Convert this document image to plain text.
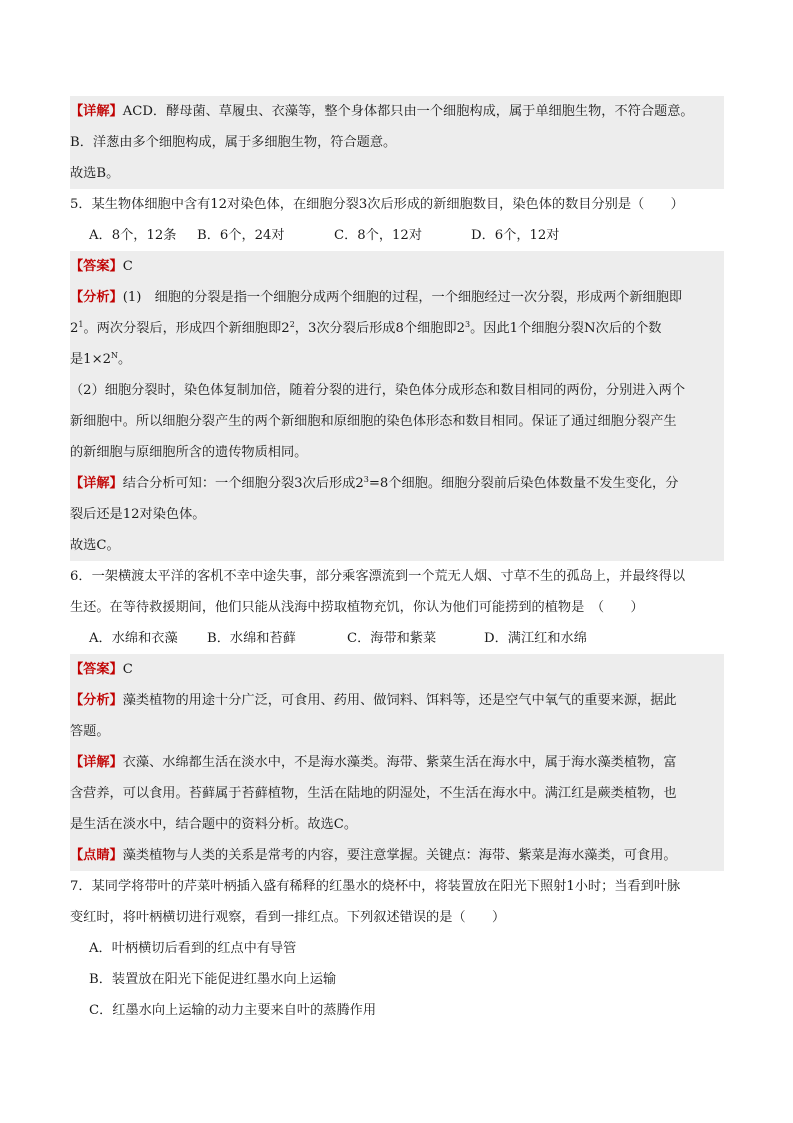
【详解】ACD．酵母菌、草履虫、衣藻等，整个身体都只由一个细胞构成，属于单细胞生物，不符合题意。
B．洋葱由多个细胞构成，属于多细胞生物，符合题意。
故选B。
5．某生物体细胞中含有12对染色体，在细胞分裂3次后形成的新细胞数目，染色体的数目分别是（　　）
A．8个，12条 B．6个，24对	C．8个，12对	D．6个，12对
【答案】C
【分析】(1)　细胞的分裂是指一个细胞分成两个细胞的过程，一个细胞经过一次分裂，形成两个新细胞即
$2^1$。两次分裂后，形成四个新细胞即$2^2$，3次分裂后形成8个细胞即$2^3$。因此1个细胞分裂N次后的个数
是$1\times 2^N$。
（2）细胞分裂时，染色体复制加倍，随着分裂的进行，染色体分成形态和数目相同的两份，分别进入两个
新细胞中。所以细胞分裂产生的两个新细胞和原细胞的染色体形态和数目相同。保证了通过细胞分裂产生
的新细胞与原细胞所含的遗传物质相同。
【详解】结合分析可知：一个细胞分裂3次后形成$2^3=8$个细胞。细胞分裂前后染色体数量不发生变化，分
裂后还是12对染色体。
故选C。
6．一架横渡太平洋的客机不幸中途失事，部分乘客漂流到一个荒无人烟、寸草不生的孤岛上，并最终得以
生还。在等待救援期间，他们只能从浅海中捞取植物充饥，你认为他们可能捞到的植物是　（　　）
A．水绵和衣藻 B．水绵和苔藓	C．海带和紫菜	D．满江红和水绵
【答案】C
【分析】藻类植物的用途十分广泛，可食用、药用、做饲料、饵料等，还是空气中氧气的重要来源，据此
答题。
【详解】衣藻、水绵都生活在淡水中，不是海水藻类。海带、紫菜生活在海水中，属于海水藻类植物，富
含营养，可以食用。苔藓属于苔藓植物，生活在陆地的阴湿处，不生活在海水中。满江红是蕨类植物，也
是生活在淡水中，结合题中的资料分析。故选C。
【点睛】藻类植物与人类的关系是常考的内容，要注意掌握。关键点：海带、紫菜是海水藻类，可食用。
7．某同学将带叶的芹菜叶柄插入盛有稀释的红墨水的烧杯中，将装置放在阳光下照射1小时；当看到叶脉
变红时，将叶柄横切进行观察，看到一排红点。下列叙述错误的是（　　）
A．叶柄横切后看到的红点中有导管
B．装置放在阳光下能促进红墨水向上运输
C．红墨水向上运输的动力主要来自叶的蒸腾作用
